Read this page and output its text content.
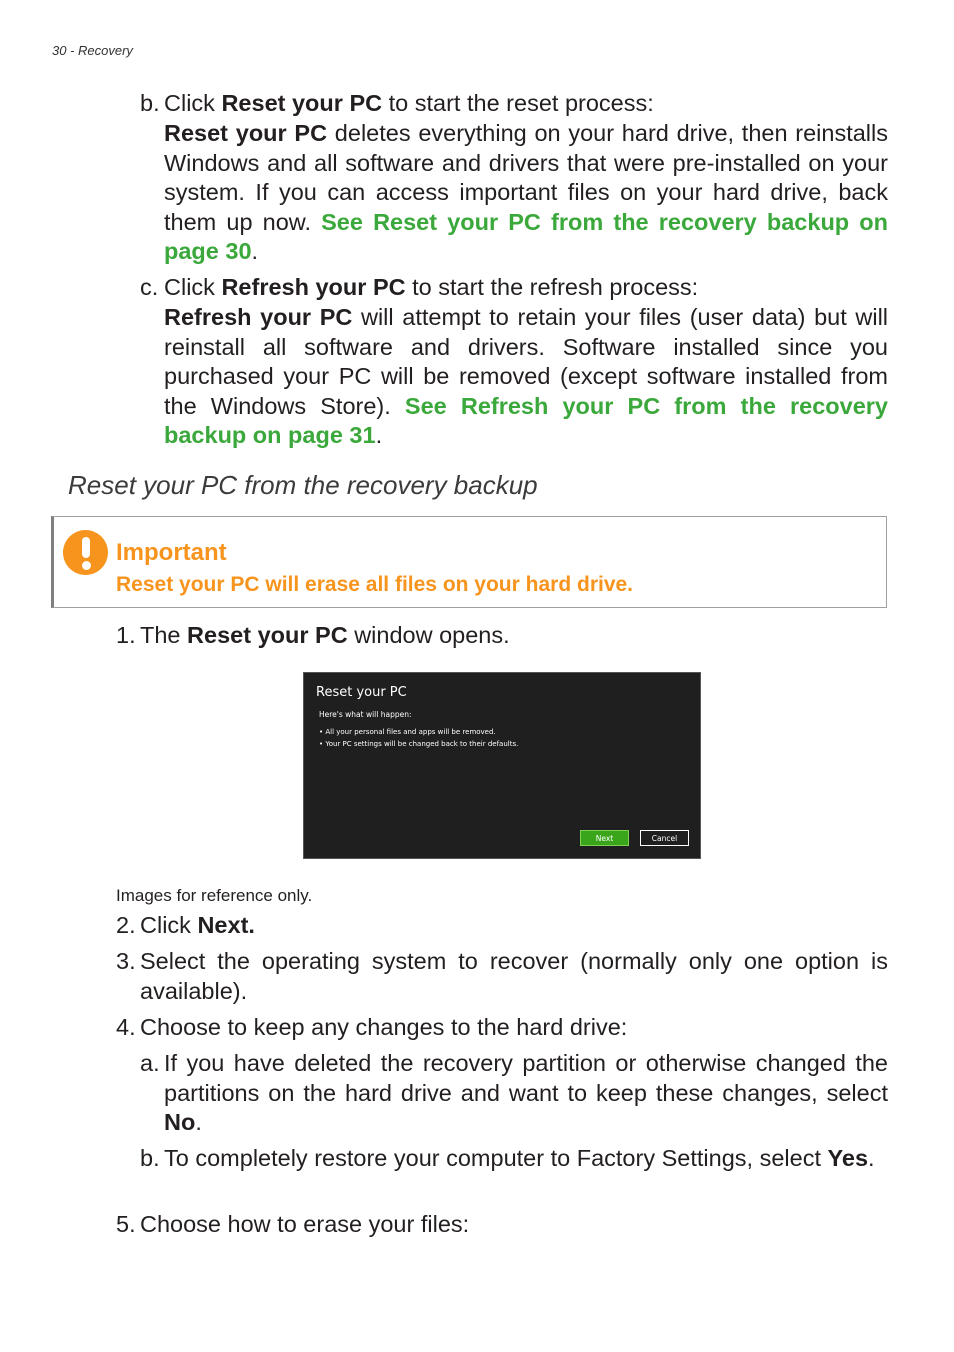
30 - Recovery
b. Click Reset your PC to start the reset process:
Reset your PC deletes everything on your hard drive, then reinstalls Windows and all software and drivers that were pre-installed on your system. If you can access important files on your hard drive, back them up now. See Reset your PC from the recovery backup on page 30.
c. Click Refresh your PC to start the refresh process:
Refresh your PC will attempt to retain your files (user data) but will reinstall all software and drivers. Software installed since you purchased your PC will be removed (except software installed from the Windows Store). See Refresh your PC from the recovery backup on page 31.
Reset your PC from the recovery backup
Important
Reset your PC will erase all files on your hard drive.
1. The Reset your PC window opens.
Reset your PC
Here's what will happen:
• All your personal files and apps will be removed.
• Your PC settings will be changed back to their defaults.
Next	Cancel
Images for reference only.
2. Click Next.
3. Select the operating system to recover (normally only one option is available).
4. Choose to keep any changes to the hard drive:
a. If you have deleted the recovery partition or otherwise changed the partitions on the hard drive and want to keep these changes, select No.
b. To completely restore your computer to Factory Settings, select Yes.
5. Choose how to erase your files:
